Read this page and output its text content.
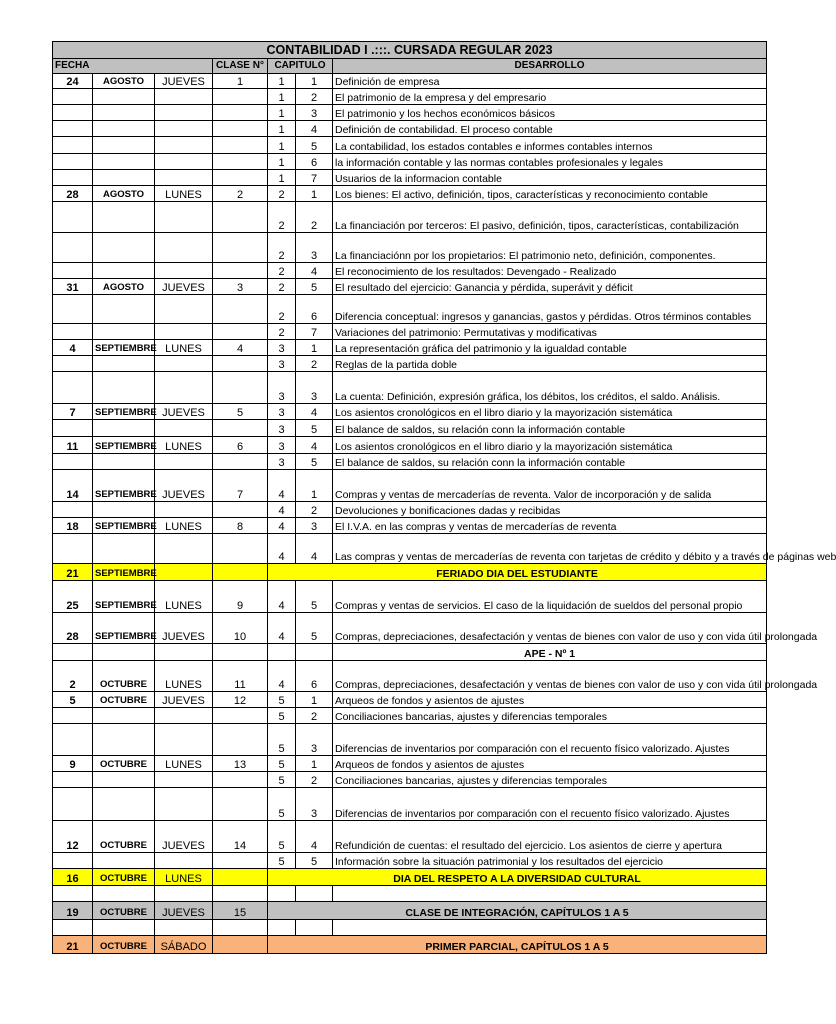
CONTABILIDAD I .:::. CURSADA REGULAR 2023						
FECHA			CLASE N°	CAPITULO		DESARROLLO
24	AGOSTO	JUEVES	1	1	1	Definición de empresa
				1	2	El patrimonio de la empresa y del empresario
				1	3	El patrimonio y los hechos económicos básicos
				1	4	Definición de contabilidad. El proceso contable
				1	5	La contabilidad, los estados contables e informes contables internos
				1	6	la información contable y las normas contables profesionales y legales
				1	7	Usuarios de la informacion contable
28	AGOSTO	LUNES	2	2	1	Los bienes: El activo, definición, tipos, características y reconocimiento contable
				2	2	La financiación por terceros: El pasivo, definición, tipos, características, contabilización
				2	3	La financiaciónn por los propietarios: El patrimonio neto, definición, componentes.
				2	4	El reconocimiento de los resultados: Devengado - Realizado
31	AGOSTO	JUEVES	3	2	5	El resultado del ejercicio: Ganancia y pérdida, superávit y déficit
				2	6	Diferencia conceptual: ingresos y ganancias, gastos y pérdidas. Otros términos contables
				2	7	Variaciones del patrimonio: Permutativas y modificativas
4	SEPTIEMBRE	LUNES	4	3	1	La representación gráfica del patrimonio y la igualdad contable
				3	2	Reglas de la partida doble
				3	3	La cuenta: Definición, expresión gráfica, los débitos, los créditos, el saldo. Análisis.
7	SEPTIEMBRE	JUEVES	5	3	4	Los asientos cronológicos en el libro diario y la mayorización sistemática
				3	5	El balance de saldos, su relación conn la información contable
11	SEPTIEMBRE	LUNES	6	3	4	Los asientos cronológicos en el libro diario y la mayorización sistemática
				3	5	El balance de saldos, su relación conn la información contable
14	SEPTIEMBRE	JUEVES	7	4	1	Compras y ventas de mercaderías de reventa. Valor de incorporación y de salida
				4	2	Devoluciones y bonificaciones dadas y recibidas
18	SEPTIEMBRE	LUNES	8	4	3	El I.V.A. en las compras y ventas de mercaderías de reventa
				4	4	Las compras y ventas de mercaderías de reventa con tarjetas de crédito y débito y a través de páginas web
21	SEPTIEMBRE			FERIADO DIA DEL ESTUDIANTE		
25	SEPTIEMBRE	LUNES	9	4	5	Compras y ventas de servicios. El caso de la liquidación de sueldos del personal propio
28	SEPTIEMBRE	JUEVES	10	4	5	Compras, depreciaciones, desafectación y ventas de bienes con valor de uso y con vida útil prolongada
						APE - Nº 1
2	OCTUBRE	LUNES	11	4	6	Compras, depreciaciones, desafectación y ventas de bienes con valor de uso y con vida útil prolongada
5	OCTUBRE	JUEVES	12	5	1	Arqueos de fondos y asientos de ajustes
				5	2	Conciliaciones bancarias, ajustes y diferencias temporales
				5	3	Diferencias de inventarios por comparación con el recuento físico valorizado. Ajustes
9	OCTUBRE	LUNES	13	5	1	Arqueos de fondos y asientos de ajustes
				5	2	Conciliaciones bancarias, ajustes y diferencias temporales
				5	3	Diferencias de inventarios por comparación con el recuento físico valorizado. Ajustes
12	OCTUBRE	JUEVES	14	5	4	Refundición de cuentas: el resultado del ejercicio. Los asientos de cierre y apertura
				5	5	Información sobre la situación patrimonial y los resultados del ejercicio
16	OCTUBRE	LUNES		DIA DEL RESPETO A LA DIVERSIDAD CULTURAL		

19	OCTUBRE	JUEVES	15	CLASE DE INTEGRACIÓN, CAPÍTULOS 1 A 5		

21	OCTUBRE	SÁBADO		PRIMER PARCIAL, CAPÍTULOS 1 A 5		
